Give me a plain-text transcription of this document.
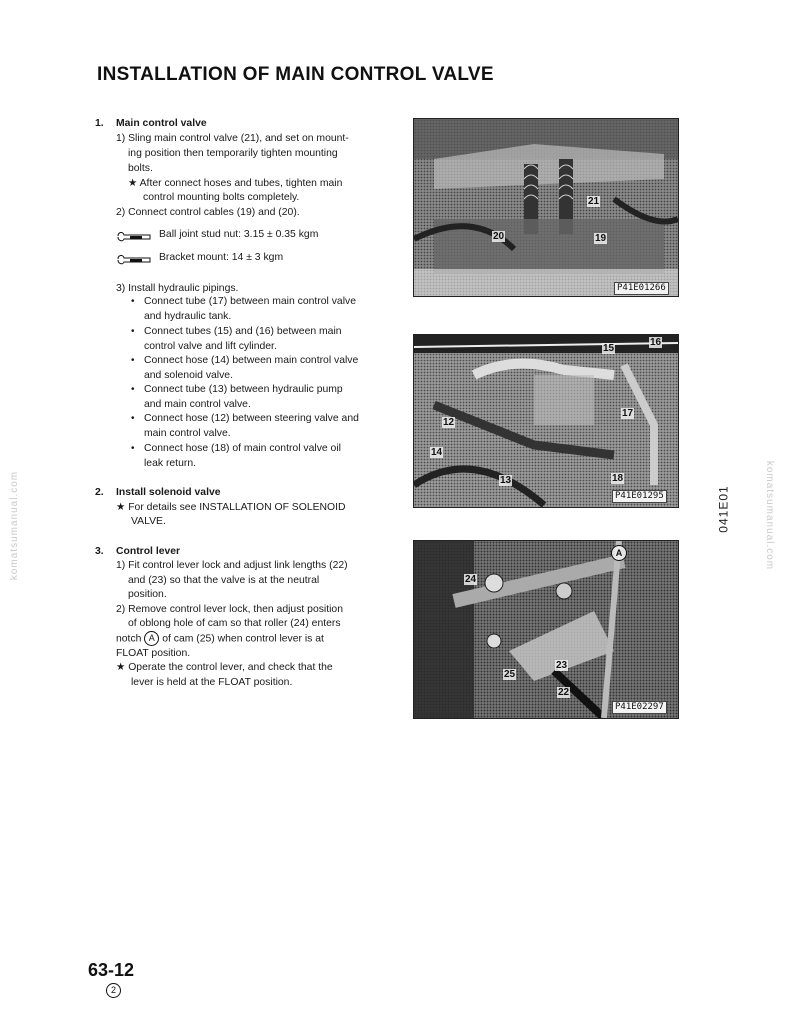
INSTALLATION OF MAIN CONTROL VALVE
komatsumanual.com	komatsumanual.com
041E01
1. Main control valve
1) Sling main control valve (21), and set on mount-
ing position then temporarily tighten mounting
bolts.
★ After connect hoses and tubes, tighten main
control mounting bolts completely.
2) Connect control cables (19) and (20).
Ball joint stud nut: 3.15 ± 0.35 kgm
Bracket mount: 14 ± 3 kgm
3) Install hydraulic pipings.
• Connect tube (17) between main control valve
and hydraulic tank.
• Connect tubes (15) and (16) between main
control valve and lift cylinder.
• Connect hose (14) between main control valve
and solenoid valve.
• Connect tube (13) between hydraulic pump
and main control valve.
• Connect hose (12) between steering valve and
main control valve.
• Connect hose (18) of main control valve oil
leak return.
2. Install solenoid valve
★ For details see INSTALLATION OF SOLENOID
VALVE.
3. Control lever
1) Fit control lever lock and adjust link lengths (22)
and (23) so that the valve is at the neutral
position.
2) Remove control lever lock, then adjust position
of oblong hole of cam so that roller (24) enters
notch A of cam (25) when control lever is at
FLOAT position.
★ Operate the control lever, and check that the
lever is held at the FLOAT position.
21
20	19
P41E01266
15
16
12
17
14
13	18
P41E01295
A
24
25
23
22
P41E02297
63-12
2
